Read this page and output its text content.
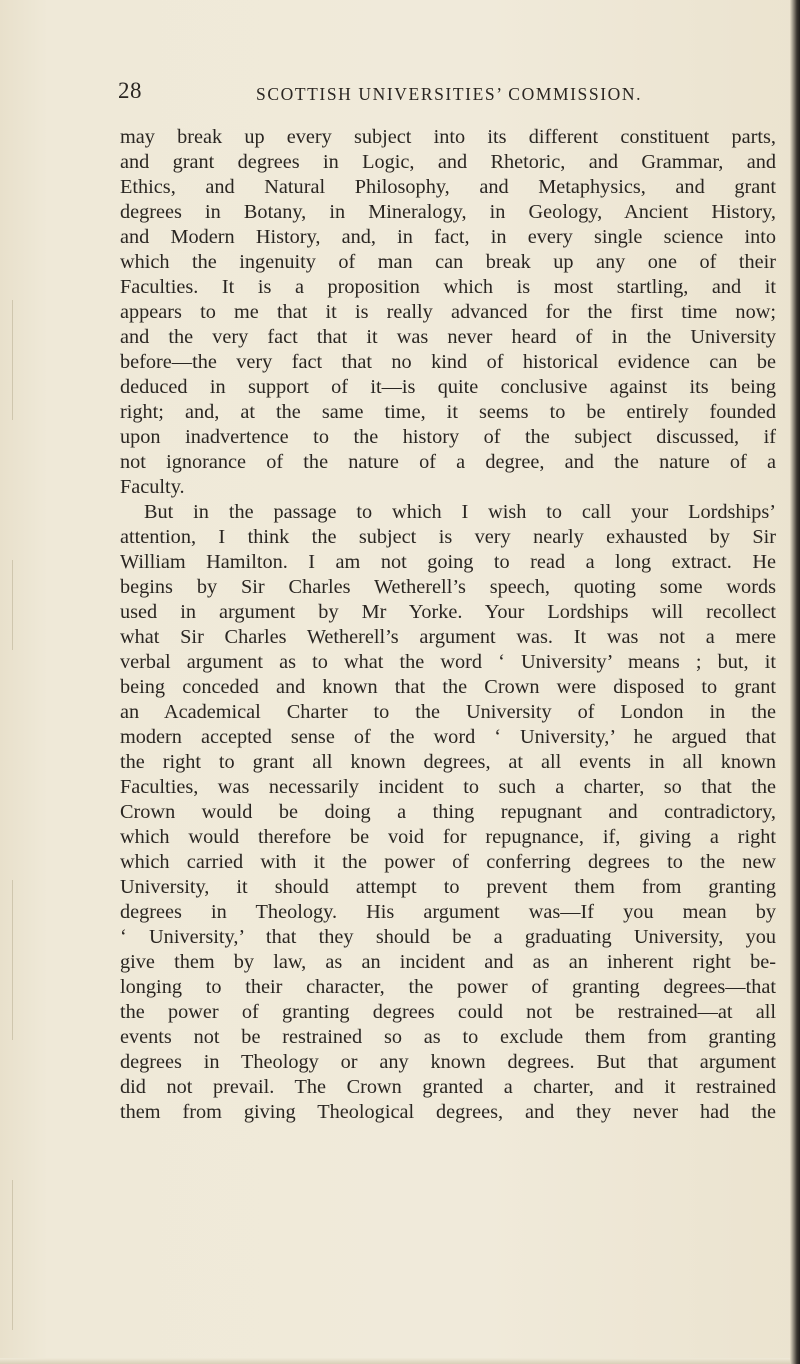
28	SCOTTISH UNIVERSITIES’ COMMISSION.
may break up every subject into its different constituent parts,
and grant degrees in Logic, and Rhetoric, and Grammar, and
Ethics, and Natural Philosophy, and Metaphysics, and grant
degrees in Botany, in Mineralogy, in Geology, Ancient History,
and Modern History, and, in fact, in every single science into
which the ingenuity of man can break up any one of their
Faculties. It is a proposition which is most startling, and it
appears to me that it is really advanced for the first time now;
and the very fact that it was never heard of in the University
before—the very fact that no kind of historical evidence can be
deduced in support of it—is quite conclusive against its being
right; and, at the same time, it seems to be entirely founded
upon inadvertence to the history of the subject discussed, if
not ignorance of the nature of a degree, and the nature of a
Faculty.
But in the passage to which I wish to call your Lordships’
attention, I think the subject is very nearly exhausted by Sir
William Hamilton. I am not going to read a long extract. He
begins by Sir Charles Wetherell’s speech, quoting some words
used in argument by Mr Yorke. Your Lordships will recollect
what Sir Charles Wetherell’s argument was. It was not a mere
verbal argument as to what the word ‘ University’ means ; but, it
being conceded and known that the Crown were disposed to grant
an Academical Charter to the University of London in the
modern accepted sense of the word ‘ University,’ he argued that
the right to grant all known degrees, at all events in all known
Faculties, was necessarily incident to such a charter, so that the
Crown would be doing a thing repugnant and contradictory,
which would therefore be void for repugnance, if, giving a right
which carried with it the power of conferring degrees to the new
University, it should attempt to prevent them from granting
degrees in Theology. His argument was—If you mean by
‘ University,’ that they should be a graduating University, you
give them by law, as an incident and as an inherent right be-
longing to their character, the power of granting degrees—that
the power of granting degrees could not be restrained—at all
events not be restrained so as to exclude them from granting
degrees in Theology or any known degrees. But that argument
did not prevail. The Crown granted a charter, and it restrained
them from giving Theological degrees, and they never had the
